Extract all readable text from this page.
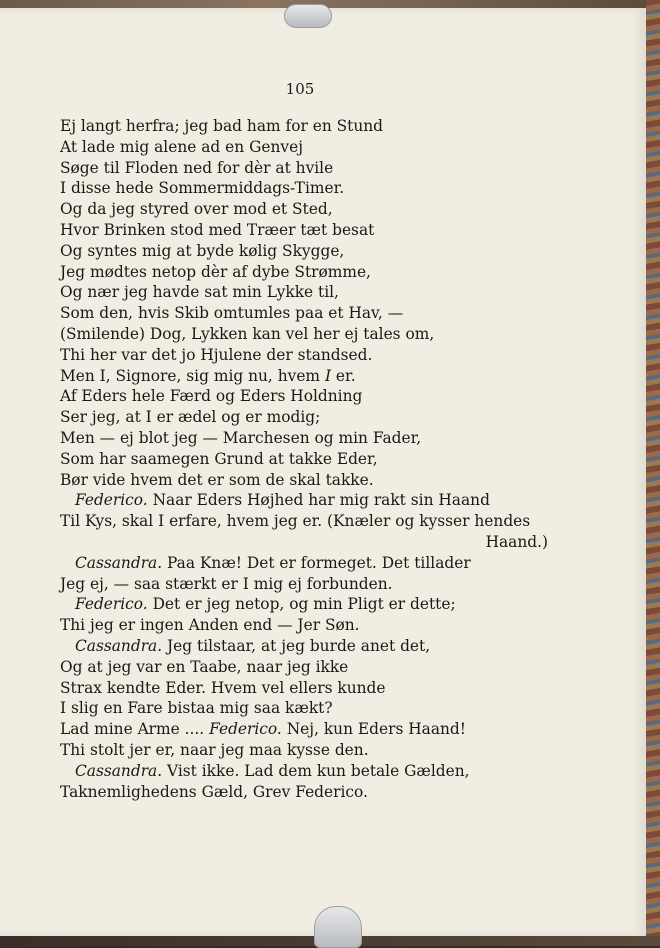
105
Ej langt herfra; jeg bad ham for en Stund
At lade mig alene ad en Genvej
Søge til Floden ned for dèr at hvile
I disse hede Sommermiddags-Timer.
Og da jeg styred over mod et Sted,
Hvor Brinken stod med Træer tæt besat
Og syntes mig at byde kølig Skygge,
Jeg mødtes netop dèr af dybe Strømme,
Og nær jeg havde sat min Lykke til,
Som den, hvis Skib omtumles paa et Hav, —
(Smilende) Dog, Lykken kan vel her ej tales om,
Thi her var det jo Hjulene der standsed.
Men I, Signore, sig mig nu, hvem I er.
Af Eders hele Færd og Eders Holdning
Ser jeg, at I er ædel og er modig;
Men — ej blot jeg — Marchesen og min Fader,
Som har saamegen Grund at takke Eder,
Bør vide hvem det er som de skal takke.
Federico. Naar Eders Højhed har mig rakt sin Haand
Til Kys, skal I erfare, hvem jeg er. (Knæler og kysser hendes
Haand.)
Cassandra. Paa Knæ! Det er formeget. Det tillader
Jeg ej, — saa stærkt er I mig ej forbunden.
Federico. Det er jeg netop, og min Pligt er dette;
Thi jeg er ingen Anden end — Jer Søn.
Cassandra. Jeg tilstaar, at jeg burde anet det,
Og at jeg var en Taabe, naar jeg ikke
Strax kendte Eder. Hvem vel ellers kunde
I slig en Fare bistaa mig saa kækt?
Lad mine Arme .... Federico. Nej, kun Eders Haand!
Thi stolt jer er, naar jeg maa kysse den.
Cassandra. Vist ikke. Lad dem kun betale Gælden,
Taknemlighedens Gæld, Grev Federico.
